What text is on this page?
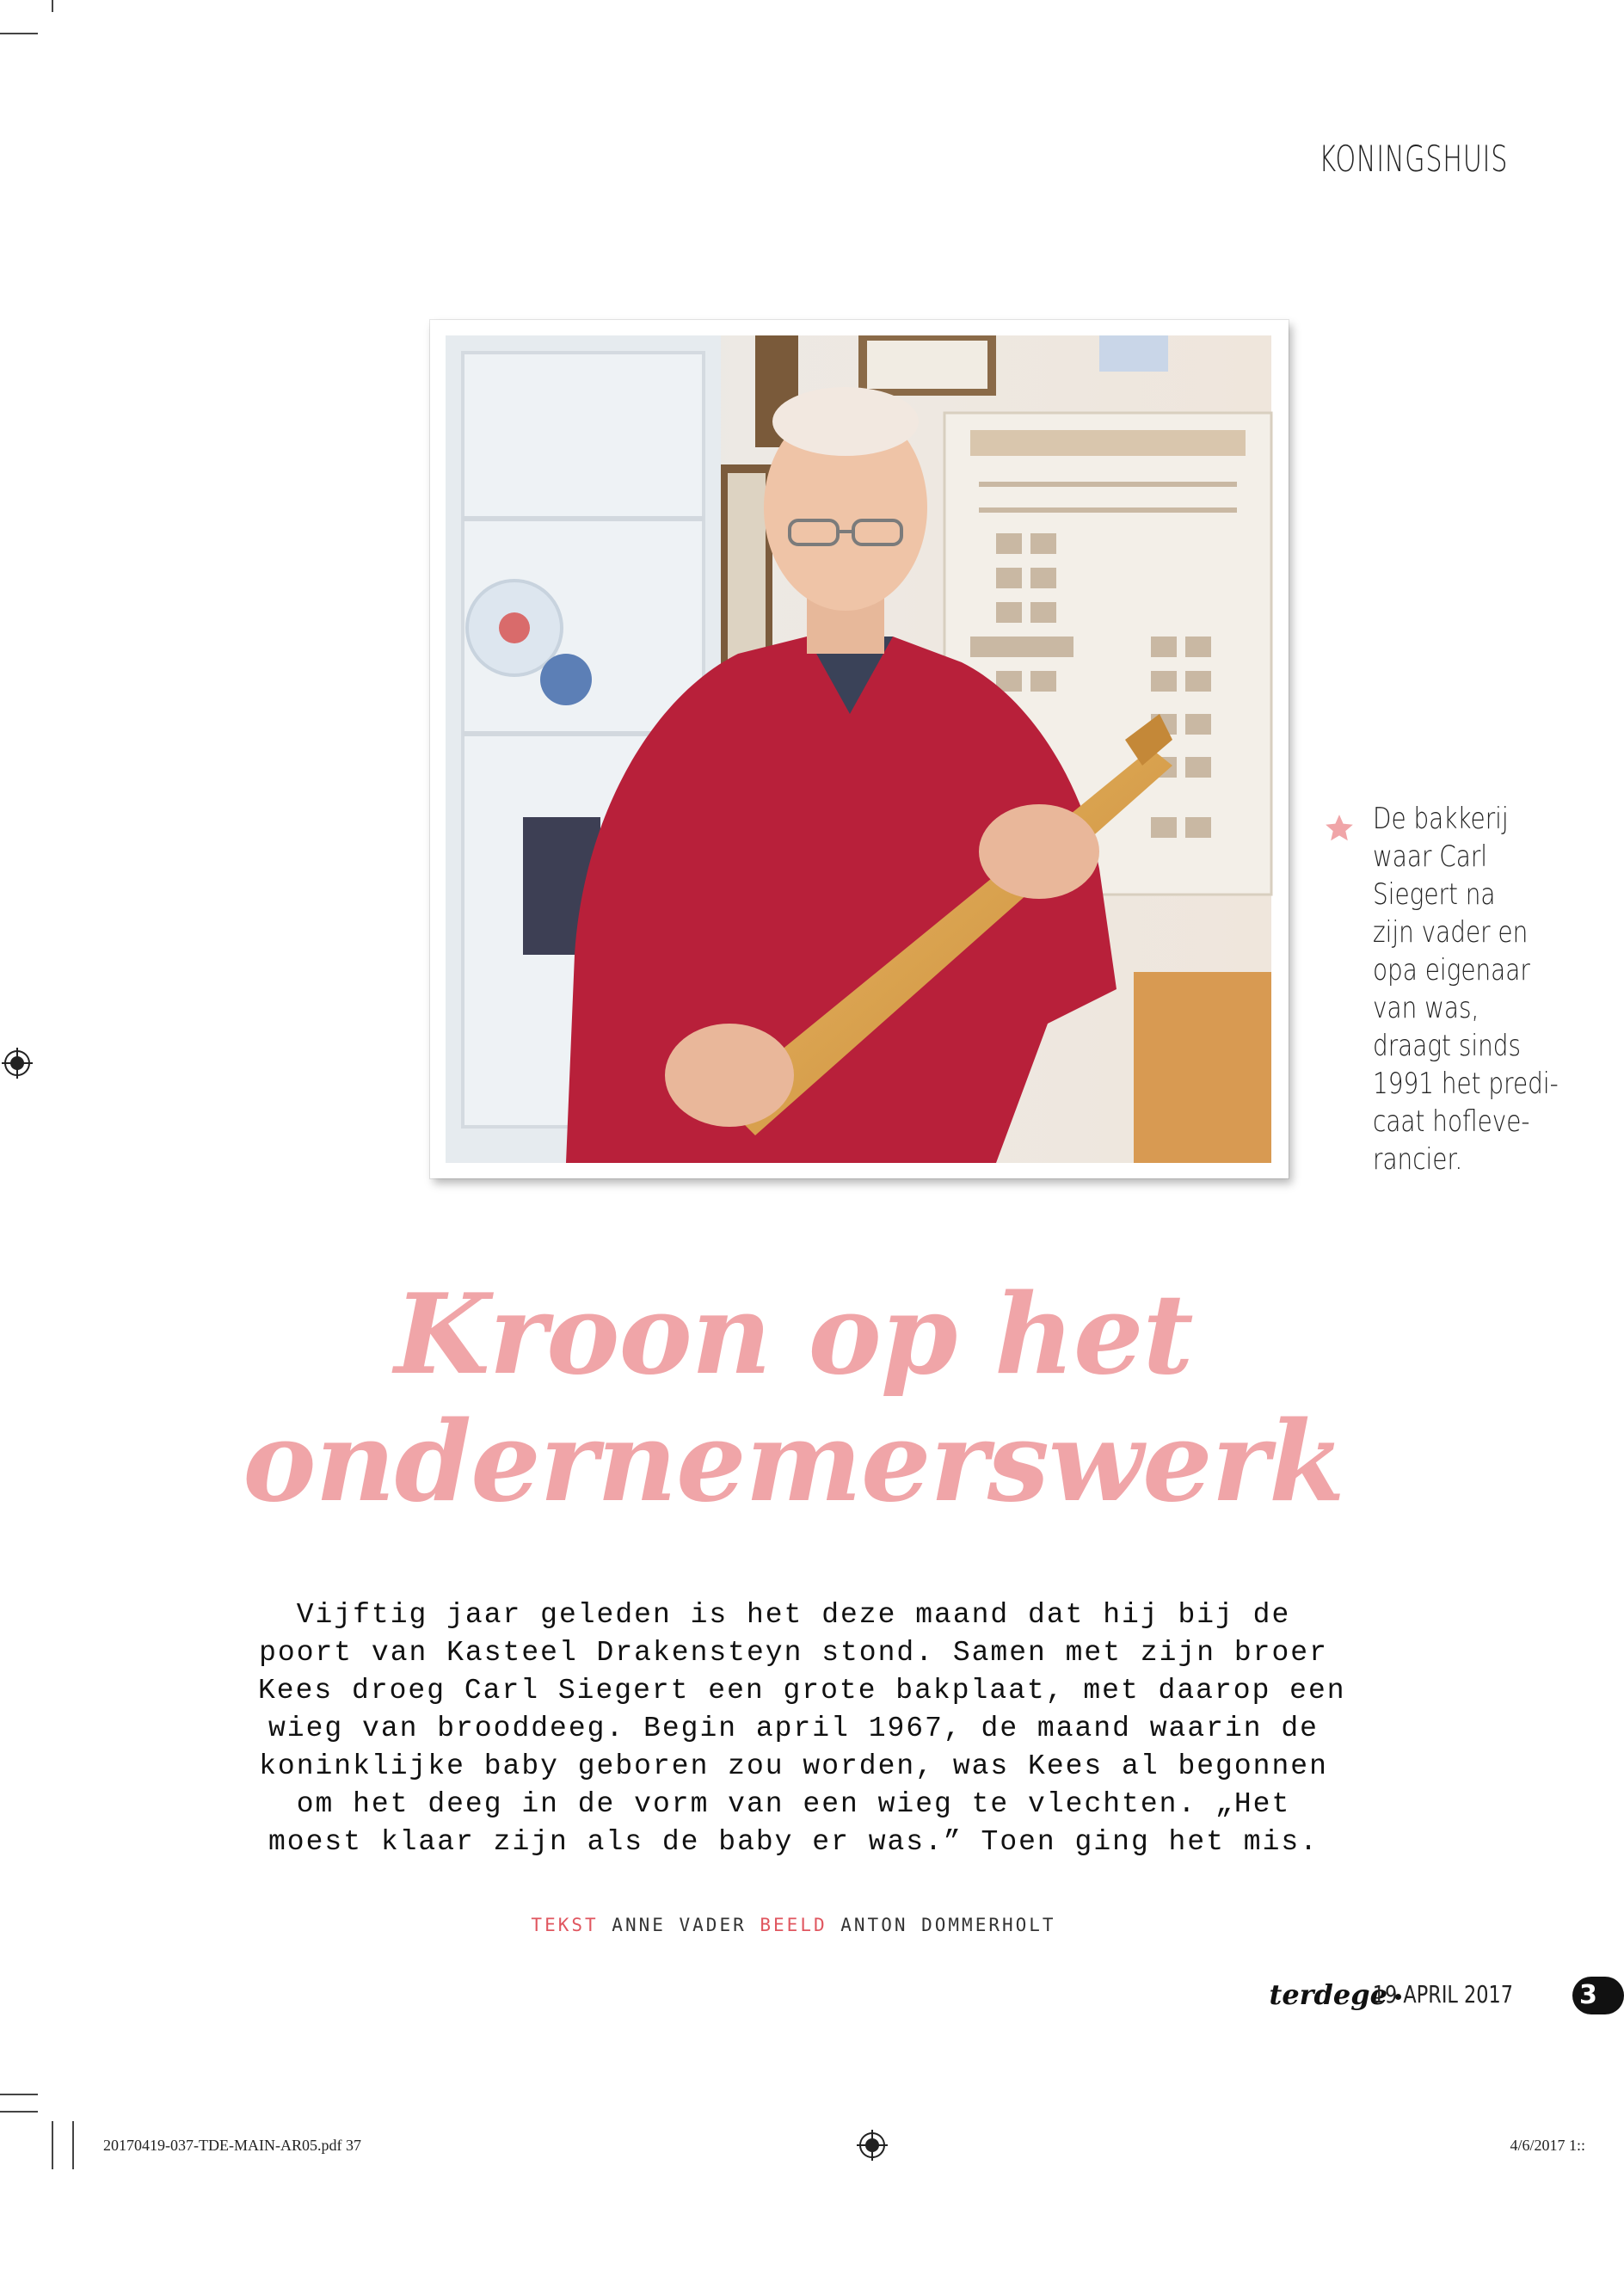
KONINGSHUIS
De bakkerij
waar Carl
Siegert na
zijn vader en
opa eigenaar
van was,
draagt sinds
1991 het predi-
caat hofleve-
rancier.
Kroon op het
ondernemerswerk
Vijftig jaar geleden is het deze maand dat hij bij de
poort van Kasteel Drakensteyn stond. Samen met zijn broer
Kees droeg Carl Siegert een grote bakplaat, met daarop een
wieg van brooddeeg. Begin april 1967, de maand waarin de
koninklijke baby geboren zou worden, was Kees al begonnen
om het deeg in de vorm van een wieg te vlechten. „Het
moest klaar zijn als de baby er was.” Toen ging het mis.
TEKST ANNE VADER BEELD ANTON DOMMERHOLT
terdege
19 APRIL 2017	3
20170419-037-TDE-MAIN-AR05.pdf 37	4/6/2017 1::
